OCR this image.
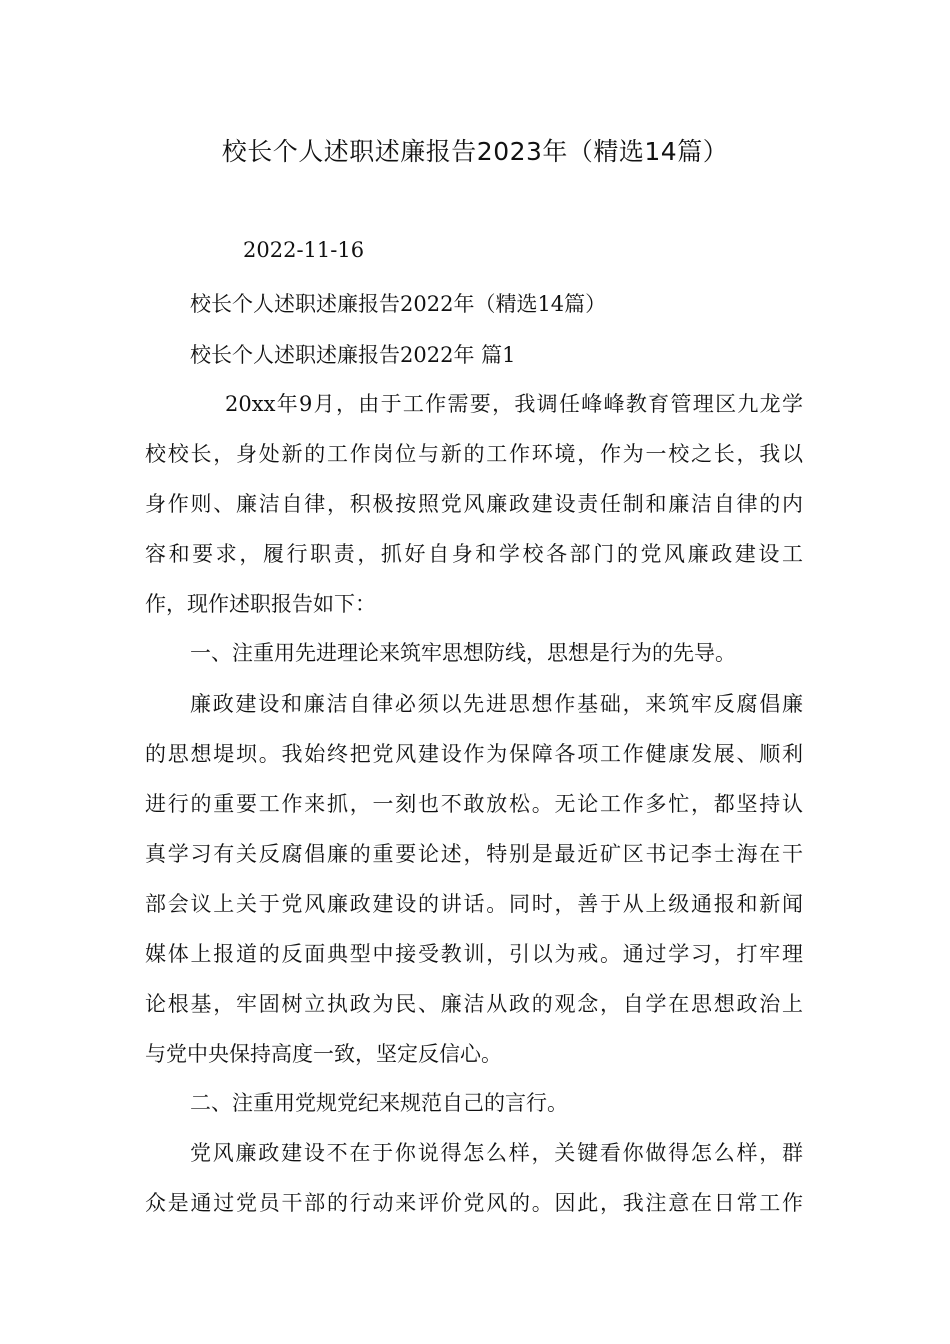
校长个人述职述廉报告2023年（精选14篇）
2022-11-16
校长个人述职述廉报告2022年（精选14篇）
校长个人述职述廉报告2022年 篇1
20xx年9月，由于工作需要，我调任峰峰教育管理区九龙学
校校长，身处新的工作岗位与新的工作环境，作为一校之长，我以
身作则、廉洁自律，积极按照党风廉政建设责任制和廉洁自律的内
容和要求，履行职责，抓好自身和学校各部门的党风廉政建设工
作，现作述职报告如下：
一、注重用先进理论来筑牢思想防线，思想是行为的先导。
廉政建设和廉洁自律必须以先进思想作基础，来筑牢反腐倡廉
的思想堤坝。我始终把党风建设作为保障各项工作健康发展、顺利
进行的重要工作来抓，一刻也不敢放松。无论工作多忙，都坚持认
真学习有关反腐倡廉的重要论述，特别是最近矿区书记李士海在干
部会议上关于党风廉政建设的讲话。同时，善于从上级通报和新闻
媒体上报道的反面典型中接受教训，引以为戒。通过学习，打牢理
论根基，牢固树立执政为民、廉洁从政的观念，自学在思想政治上
与党中央保持高度一致，坚定反信心。
二、注重用党规党纪来规范自己的言行。
党风廉政建设不在于你说得怎么样，关键看你做得怎么样，群
众是通过党员干部的行动来评价党风的。因此，我注意在日常工作
